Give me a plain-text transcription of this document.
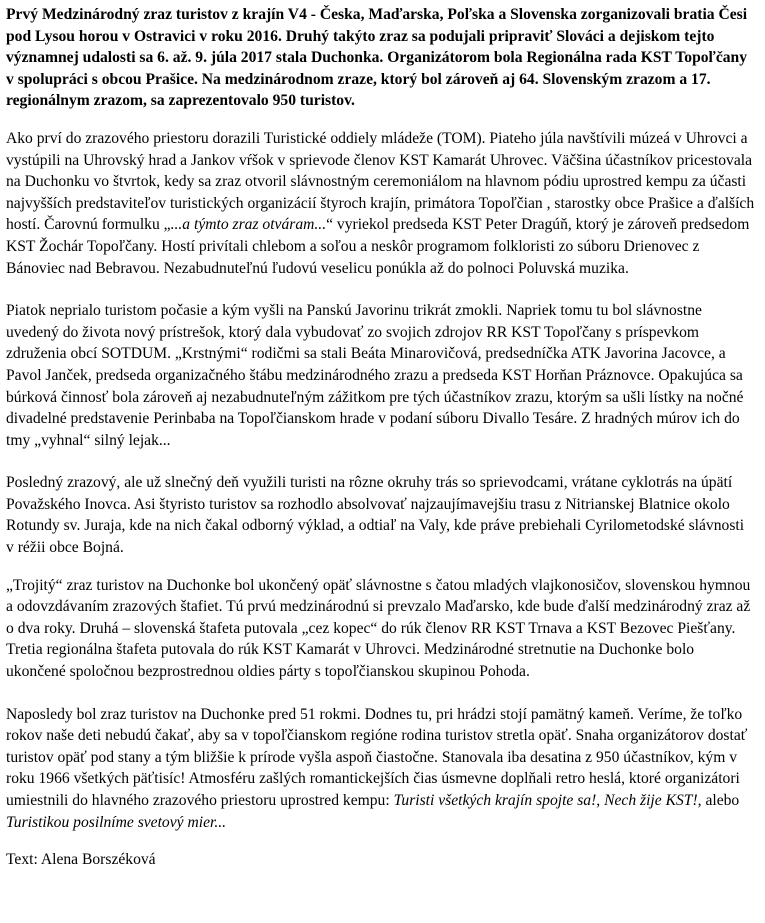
Prvý Medzinárodný zraz turistov z krajín V4 - Česka, Maďarska, Poľska a Slovenska zorganizovali bratia Česi pod Lysou horou v Ostravici v roku 2016. Druhý takýto zraz sa podujali pripraviť Slováci a dejiskom tejto významnej udalosti sa 6. až. 9. júla 2017 stala Duchonka. Organizátorom bola Regionálna rada KST Topoľčany v spolupráci s obcou Prašice. Na medzinárodnom zraze, ktorý bol zároveň aj 64. Slovenským zrazom a 17. regionálnym zrazom, sa zaprezentovalo 950 turistov.

Ako prví do zrazového priestoru dorazili Turistické oddiely mládeže (TOM). Piateho júla navštívili múzeá v Uhrovci a vystúpili na Uhrovský hrad a Jankov vŕšok v sprievode členov KST Kamarát Uhrovec. Väčšina účastníkov pricestovala na Duchonku vo štvrtok, kedy sa zraz otvoril slávnostným ceremoniálom na hlavnom pódiu uprostred kempu za účasti najvyšších predstaviteľov turistických organizácií štyroch krajín, primátora Topoľčian , starostky obce Prašice a ďalších hostí. Čarovnú formulku „...a týmto zraz otváram...“ vyriekol predseda KST Peter Dragúň, ktorý je zároveň predsedom KST Žochár Topoľčany. Hostí privítali chlebom a soľou a neskôr programom folkloristi zo súboru Drienovec z Bánoviec nad Bebravou. Nezabudnuteľnú ľudovú veselicu ponúkla až do polnoci Poluvská muzika.

Piatok neprialo turistom počasie a kým vyšli na Panskú Javorinu trikrát zmokli. Napriek tomu tu bol slávnostne uvedený do života nový prístrešok, ktorý dala vybudovať zo svojich zdrojov RR KST Topoľčany s príspevkom združenia obcí SOTDUM. „Krstnými“ rodičmi sa stali Beáta Minarovičová, predsedníčka ATK Javorina Jacovce, a Pavol Janček, predseda organizačného štábu medzinárodného zrazu a predseda KST Horňan Práznovce. Opakujúca sa búrková činnosť bola zároveň aj nezabudnuteľným zážitkom pre tých účastníkov zrazu, ktorým sa ušli lístky na nočné divadelné predstavenie Perinbaba na Topoľčianskom hrade v podaní súboru Divallo Tesáre. Z hradných múrov ich do tmy „vyhnal“ silný lejak...

Posledný zrazový, ale už slnečný deň využili turisti na rôzne okruhy trás so sprievodcami, vrátane cyklotrás na úpätí Považského Inovca. Asi štyristo turistov sa rozhodlo absolvovať najzaujímavejšiu trasu z Nitrianskej Blatnice okolo Rotundy sv. Juraja, kde na nich čakal odborný výklad, a odtiaľ na Valy, kde práve prebiehali Cyrilometodské slávnosti v réžii obce Bojná.

„Trojitý“ zraz turistov na Duchonke bol ukončený opäť slávnostne s čatou mladých vlajkonosičov, slovenskou hymnou a odovzdávaním zrazových štafiet. Tú prvú medzinárodnú si prevzalo Maďarsko, kde bude ďalší medzinárodný zraz až o dva roky. Druhá – slovenská štafeta putovala „cez kopec“ do rúk členov RR KST Trnava a KST Bezovec Piešťany. Tretia regionálna štafeta putovala do rúk KST Kamarát v Uhrovci. Medzinárodné stretnutie na Duchonke bolo ukončené spoločnou bezprostrednou oldies párty s topoľčianskou skupinou Pohoda.

Naposledy bol zraz turistov na Duchonke pred 51 rokmi. Dodnes tu, pri hrádzi stojí pamätný kameň. Veríme, že toľko rokov naše deti nebudú čakať, aby sa v topoľčianskom regióne rodina turistov stretla opäť. Snaha organizátorov dostať turistov opäť pod stany a tým bližšie k prírode vyšla aspoň čiastočne. Stanovala iba desatina z 950 účastníkov, kým v roku 1966 všetkých päťtisíc! Atmosféru zašlých romantickejších čias úsmevne doplňali retro heslá, ktoré organizátori umiestnili do hlavného zrazového priestoru uprostred kempu: Turisti všetkých krajín spojte sa!, Nech žije KST!, alebo Turistikou posilníme svetový mier...

Text: Alena Borszéková
